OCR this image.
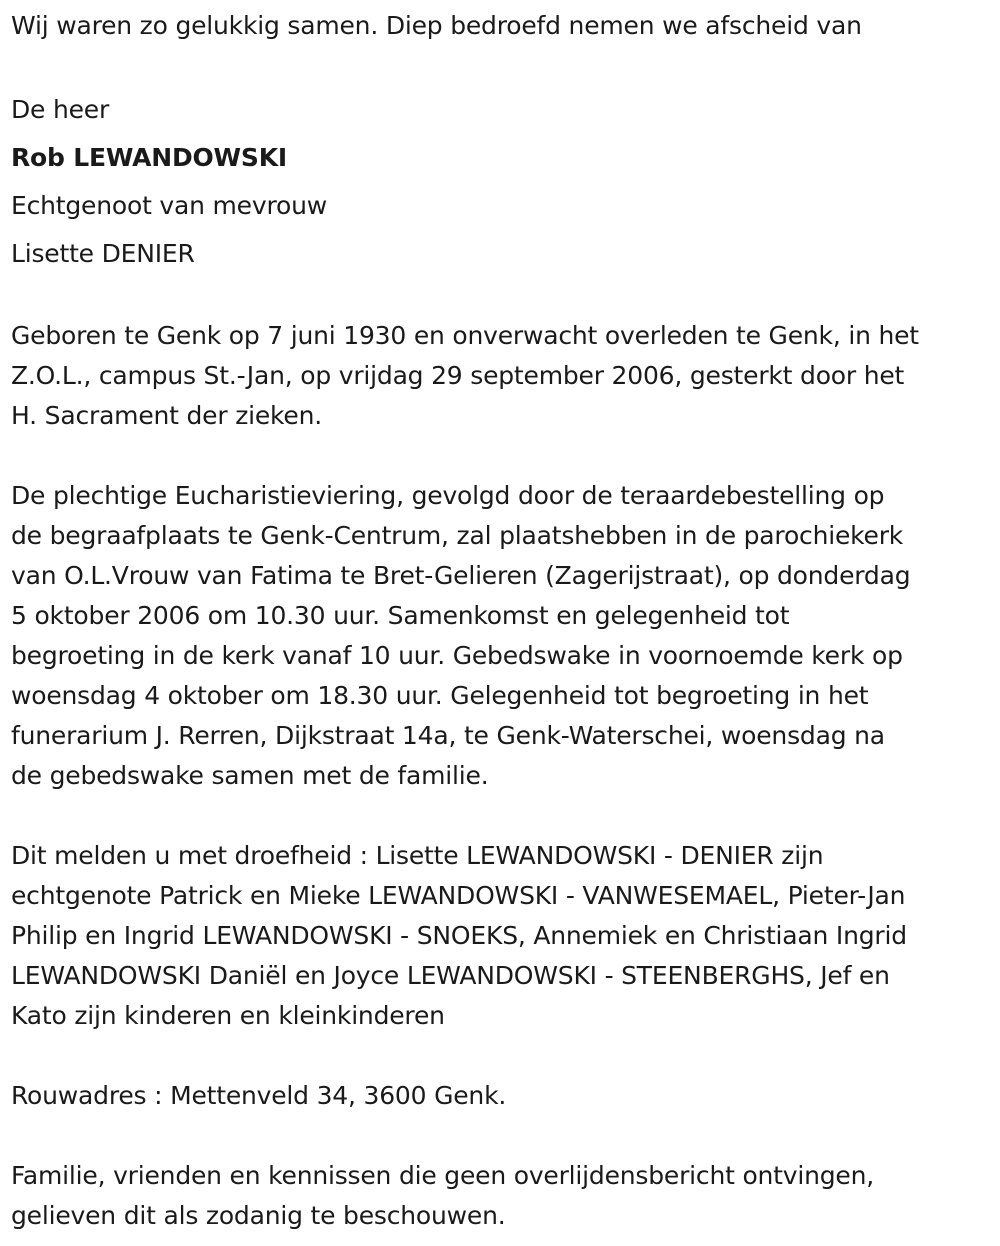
Wij waren zo gelukkig samen. Diep bedroefd nemen we afscheid van
De heer
Rob LEWANDOWSKI
Echtgenoot van mevrouw
Lisette DENIER
Geboren te Genk op 7 juni 1930 en onverwacht overleden te Genk, in het
Z.O.L., campus St.-Jan, op vrijdag 29 september 2006, gesterkt door het
H. Sacrament der zieken.
De plechtige Eucharistieviering, gevolgd door de teraardebestelling op
de begraafplaats te Genk-Centrum, zal plaatshebben in de parochiekerk
van O.L.Vrouw van Fatima te Bret-Gelieren (Zagerijstraat), op donderdag
5 oktober 2006 om 10.30 uur. Samenkomst en gelegenheid tot
begroeting in de kerk vanaf 10 uur. Gebedswake in voornoemde kerk op
woensdag 4 oktober om 18.30 uur. Gelegenheid tot begroeting in het
funerarium J. Rerren, Dijkstraat 14a, te Genk-Waterschei, woensdag na
de gebedswake samen met de familie.
Dit melden u met droefheid : Lisette LEWANDOWSKI - DENIER zijn
echtgenote Patrick en Mieke LEWANDOWSKI - VANWESEMAEL, Pieter-Jan
Philip en Ingrid LEWANDOWSKI - SNOEKS, Annemiek en Christiaan Ingrid
LEWANDOWSKI Daniël en Joyce LEWANDOWSKI - STEENBERGHS, Jef en
Kato zijn kinderen en kleinkinderen
Rouwadres : Mettenveld 34, 3600 Genk.
Familie, vrienden en kennissen die geen overlijdensbericht ontvingen,
gelieven dit als zodanig te beschouwen.
